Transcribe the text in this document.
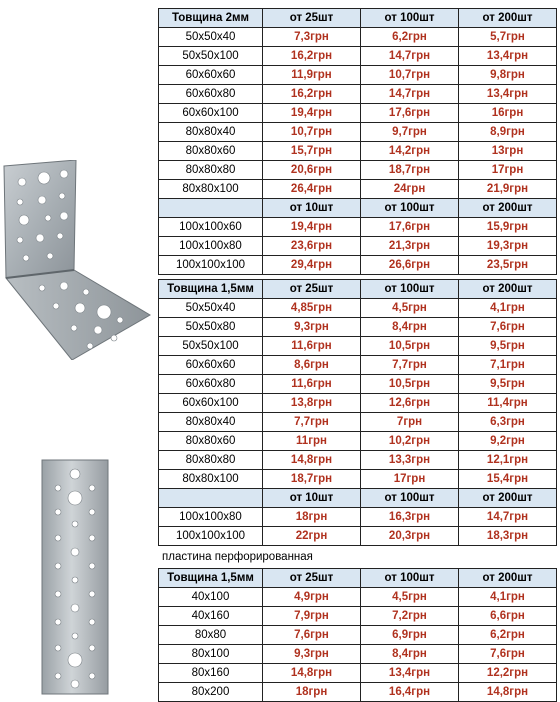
Товщина 2мм	от 25шт	от 100шт	от 200шт
50x50x40	7,3грн	6,2грн	5,7грн
50x50x100	16,2грн	14,7грн	13,4грн
60x60x60	11,9грн	10,7грн	9,8грн
60x60x80	16,2грн	14,7грн	13,4грн
60x60x100	19,4грн	17,6грн	16грн
80x80x40	10,7грн	9,7грн	8,9грн
80x80x60	15,7грн	14,2грн	13грн
80x80x80	20,6грн	18,7грн	17грн
80x80x100	26,4грн	24грн	21,9грн
	от 10шт	от 100шт	от 200шт
100x100x60	19,4грн	17,6грн	15,9грн
100x100x80	23,6грн	21,3грн	19,3грн
100x100x100	29,4грн	26,6грн	23,5грн
Товщина 1,5мм	от 25шт	от 100шт	от 200шт
50x50x40	4,85грн	4,5грн	4,1грн
50x50x80	9,3грн	8,4грн	7,6грн
50x50x100	11,6грн	10,5грн	9,5грн
60x60x60	8,6грн	7,7грн	7,1грн
60x60x80	11,6грн	10,5грн	9,5грн
60x60x100	13,8грн	12,6грн	11,4грн
80x80x40	7,7грн	7грн	6,3грн
80x80x60	11грн	10,2грн	9,2грн
80x80x80	14,8грн	13,3грн	12,1грн
80x80x100	18,7грн	17грн	15,4грн
	от 10шт	от 100шт	от 200шт
100x100x80	18грн	16,3грн	14,7грн
100x100x100	22грн	20,3грн	18,3грн
пластина перфорированная
Товщина 1,5мм	от 25шт	от 100шт	от 200шт
40x100	4,9грн	4,5грн	4,1грн
40x160	7,9грн	7,2грн	6,6грн
80x80	7,6грн	6,9грн	6,2грн
80x100	9,3грн	8,4грн	7,6грн
80x160	14,8грн	13,4грн	12,2грн
80x200	18грн	16,4грн	14,8грн
